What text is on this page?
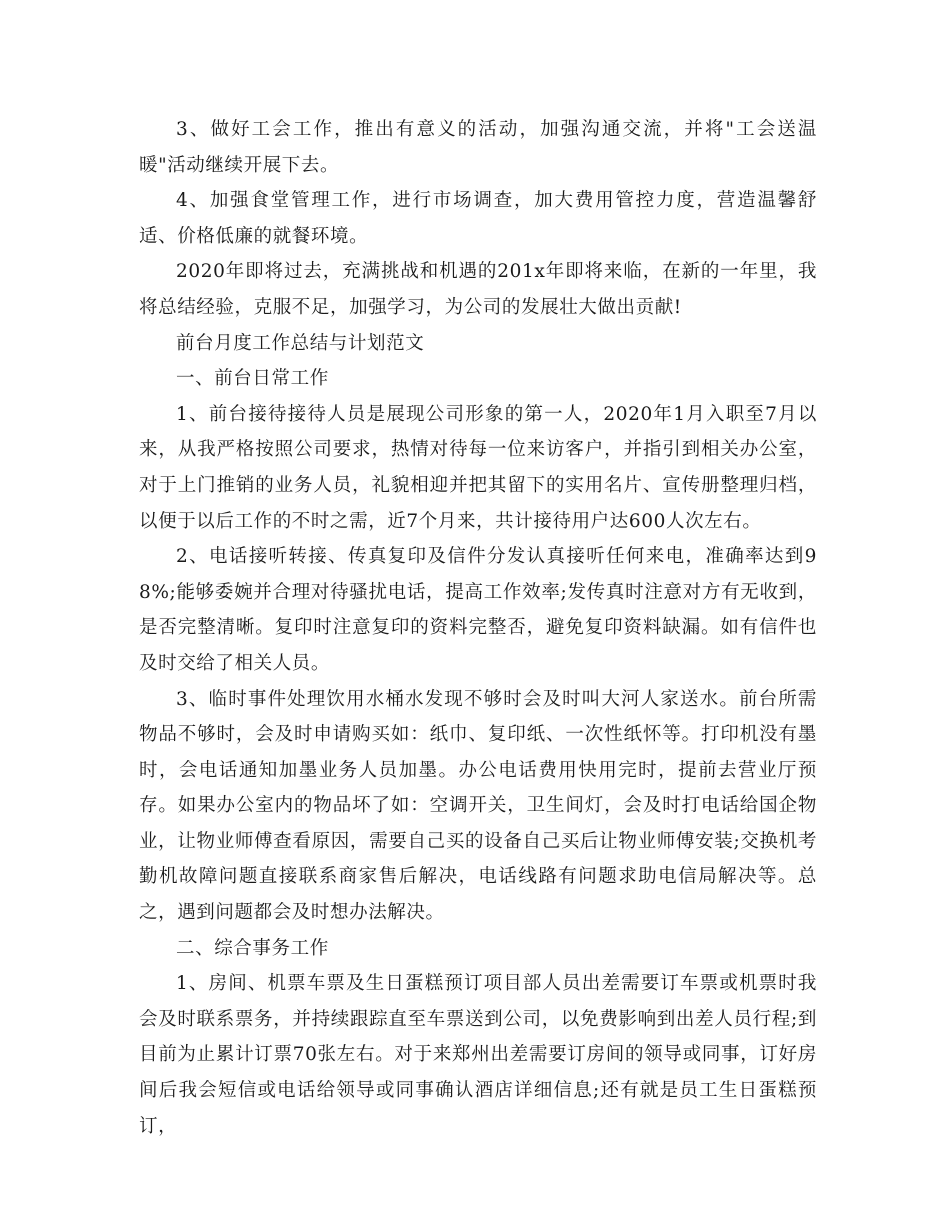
3、做好工会工作，推出有意义的活动，加强沟通交流，并将"工会送温暖"活动继续开展下去。

4、加强食堂管理工作，进行市场调查，加大费用管控力度，营造温馨舒适、价格低廉的就餐环境。

2020年即将过去，充满挑战和机遇的201x年即将来临，在新的一年里，我将总结经验，克服不足，加强学习，为公司的发展壮大做出贡献!

前台月度工作总结与计划范文

一、前台日常工作

1、前台接待接待人员是展现公司形象的第一人，2020年1月入职至7月以来，从我严格按照公司要求，热情对待每一位来访客户，并指引到相关办公室，对于上门推销的业务人员，礼貌相迎并把其留下的实用名片、宣传册整理归档，以便于以后工作的不时之需，近7个月来，共计接待用户达600人次左右。

2、电话接听转接、传真复印及信件分发认真接听任何来电，准确率达到98%;能够委婉并合理对待骚扰电话，提高工作效率;发传真时注意对方有无收到，是否完整清晰。复印时注意复印的资料完整否，避免复印资料缺漏。如有信件也及时交给了相关人员。

3、临时事件处理饮用水桶水发现不够时会及时叫大河人家送水。前台所需物品不够时，会及时申请购买如：纸巾、复印纸、一次性纸怀等。打印机没有墨时，会电话通知加墨业务人员加墨。办公电话费用快用完时，提前去营业厅预存。如果办公室内的物品坏了如：空调开关，卫生间灯，会及时打电话给国企物业，让物业师傅查看原因，需要自己买的设备自己买后让物业师傅安装;交换机考勤机故障问题直接联系商家售后解决，电话线路有问题求助电信局解决等。总之，遇到问题都会及时想办法解决。

二、综合事务工作

1、房间、机票车票及生日蛋糕预订项目部人员出差需要订车票或机票时我会及时联系票务，并持续跟踪直至车票送到公司，以免费影响到出差人员行程;到目前为止累计订票70张左右。对于来郑州出差需要订房间的领导或同事，订好房间后我会短信或电话给领导或同事确认酒店详细信息;还有就是员工生日蛋糕预订，
